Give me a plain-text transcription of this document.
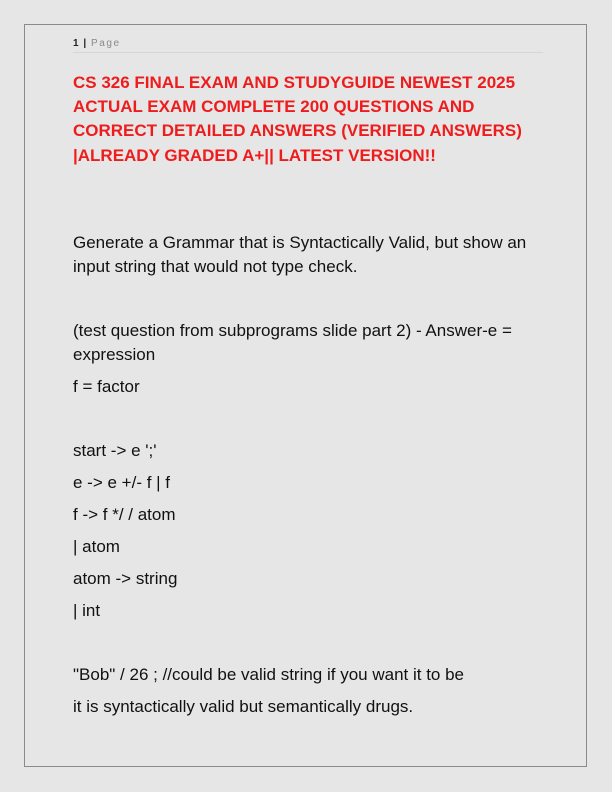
1 | Page
CS 326 FINAL EXAM AND STUDYGUIDE NEWEST 2025 ACTUAL EXAM COMPLETE 200 QUESTIONS AND CORRECT DETAILED ANSWERS (VERIFIED ANSWERS) |ALREADY GRADED A+|| LATEST VERSION!!

Generate a Grammar that is Syntactically Valid, but show an input string that would not type check.

(test question from subprograms slide part 2) - Answer-e = expression

f = factor

start -> e ';'

e -> e +/- f | f

f -> f */ / atom

| atom

atom -> string

| int

"Bob" / 26 ; //could be valid string if you want it to be

it is syntactically valid but semantically drugs.
